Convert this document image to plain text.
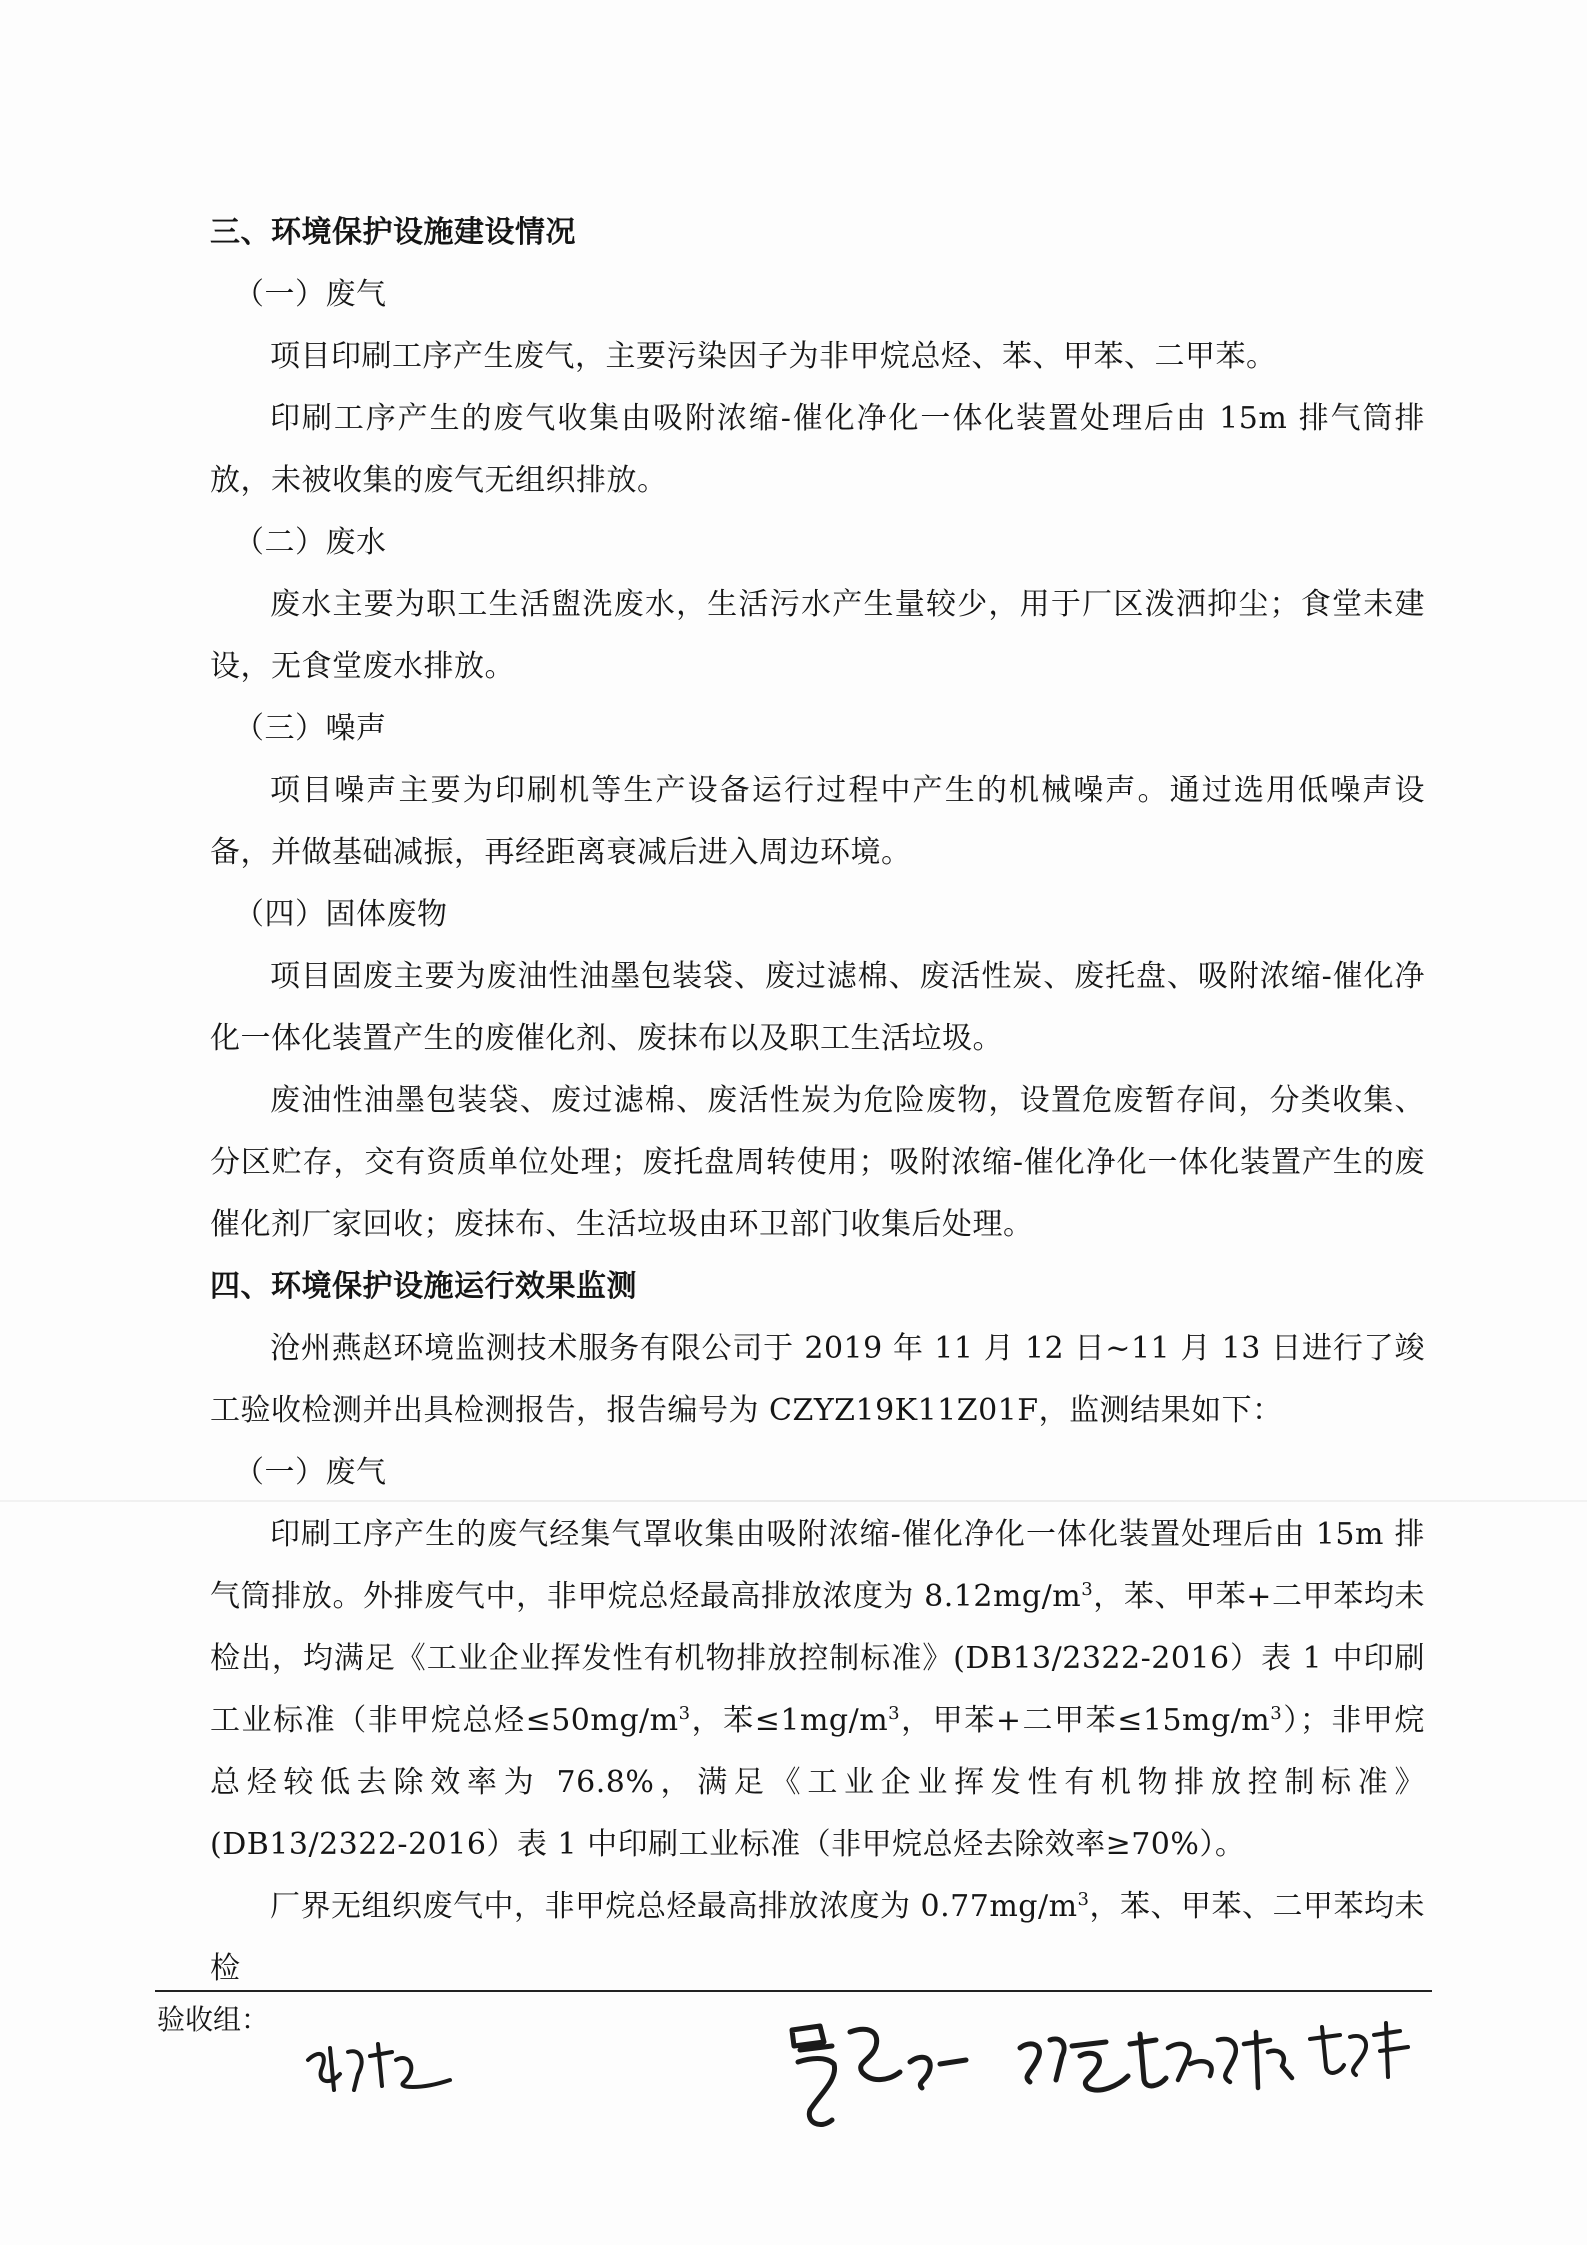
三、环境保护设施建设情况

（一）废气

项目印刷工序产生废气，主要污染因子为非甲烷总烃、苯、甲苯、二甲苯。

印刷工序产生的废气收集由吸附浓缩-催化净化一体化装置处理后由 15m 排气筒排放，未被收集的废气无组织排放。

（二）废水

废水主要为职工生活盥洗废水，生活污水产生量较少，用于厂区泼洒抑尘；食堂未建设，无食堂废水排放。

（三）噪声

项目噪声主要为印刷机等生产设备运行过程中产生的机械噪声。通过选用低噪声设备，并做基础减振，再经距离衰减后进入周边环境。

（四）固体废物

项目固废主要为废油性油墨包装袋、废过滤棉、废活性炭、废托盘、吸附浓缩-催化净化一体化装置产生的废催化剂、废抹布以及职工生活垃圾。

废油性油墨包装袋、废过滤棉、废活性炭为危险废物，设置危废暂存间，分类收集、分区贮存，交有资质单位处理；废托盘周转使用；吸附浓缩-催化净化一体化装置产生的废催化剂厂家回收；废抹布、生活垃圾由环卫部门收集后处理。

四、环境保护设施运行效果监测

沧州燕赵环境监测技术服务有限公司于 2019 年 11 月 12 日~11 月 13 日进行了竣工验收检测并出具检测报告，报告编号为 CZYZ19K11Z01F，监测结果如下：

（一）废气

印刷工序产生的废气经集气罩收集由吸附浓缩-催化净化一体化装置处理后由 15m 排气筒排放。外排废气中，非甲烷总烃最高排放浓度为 $8.12mg/m^3$，苯、甲苯+二甲苯均未检出，均满足《工业企业挥发性有机物排放控制标准》(DB13/2322-2016）表 1 中印刷工业标准（非甲烷总烃$\le 50mg/m^3$，苯$\le 1mg/m^3$，甲苯+二甲苯$\le 15mg/m^3$）；非甲烷总烃较低去除效率为 76.8%，满足《工业企业挥发性有机物排放控制标准》(DB13/2322-2016）表 1 中印刷工业标准（非甲烷总烃去除效率≥70%）。

厂界无组织废气中，非甲烷总烃最高排放浓度为 $0.77mg/m^3$，苯、甲苯、二甲苯均未检

验收组：
